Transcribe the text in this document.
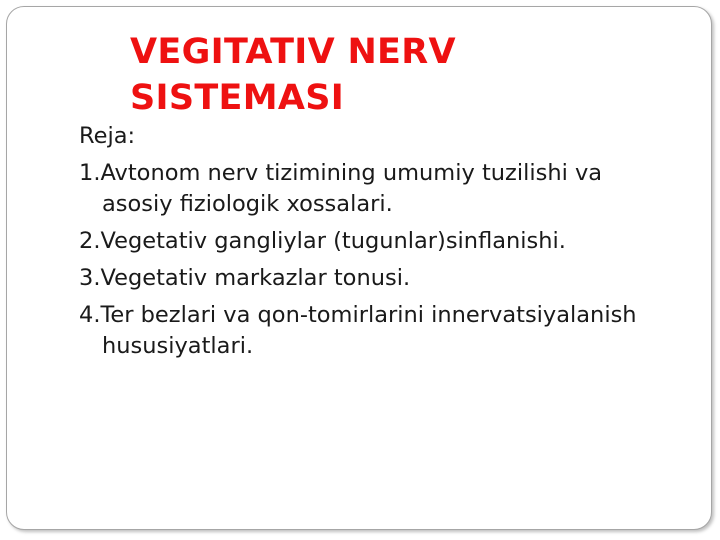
VEGITATIV NERV SISTEMASI

Reja:

1.Avtonom nerv tizimining umumiy tuzilishi va asosiy fiziologik xossalari.
2.Vegetativ gangliylar (tugunlar)sinflanishi.
3.Vegetativ markazlar tonusi.
4.Ter bezlari va qon-tomirlarini innervatsiyalanish hususiyatlari.
